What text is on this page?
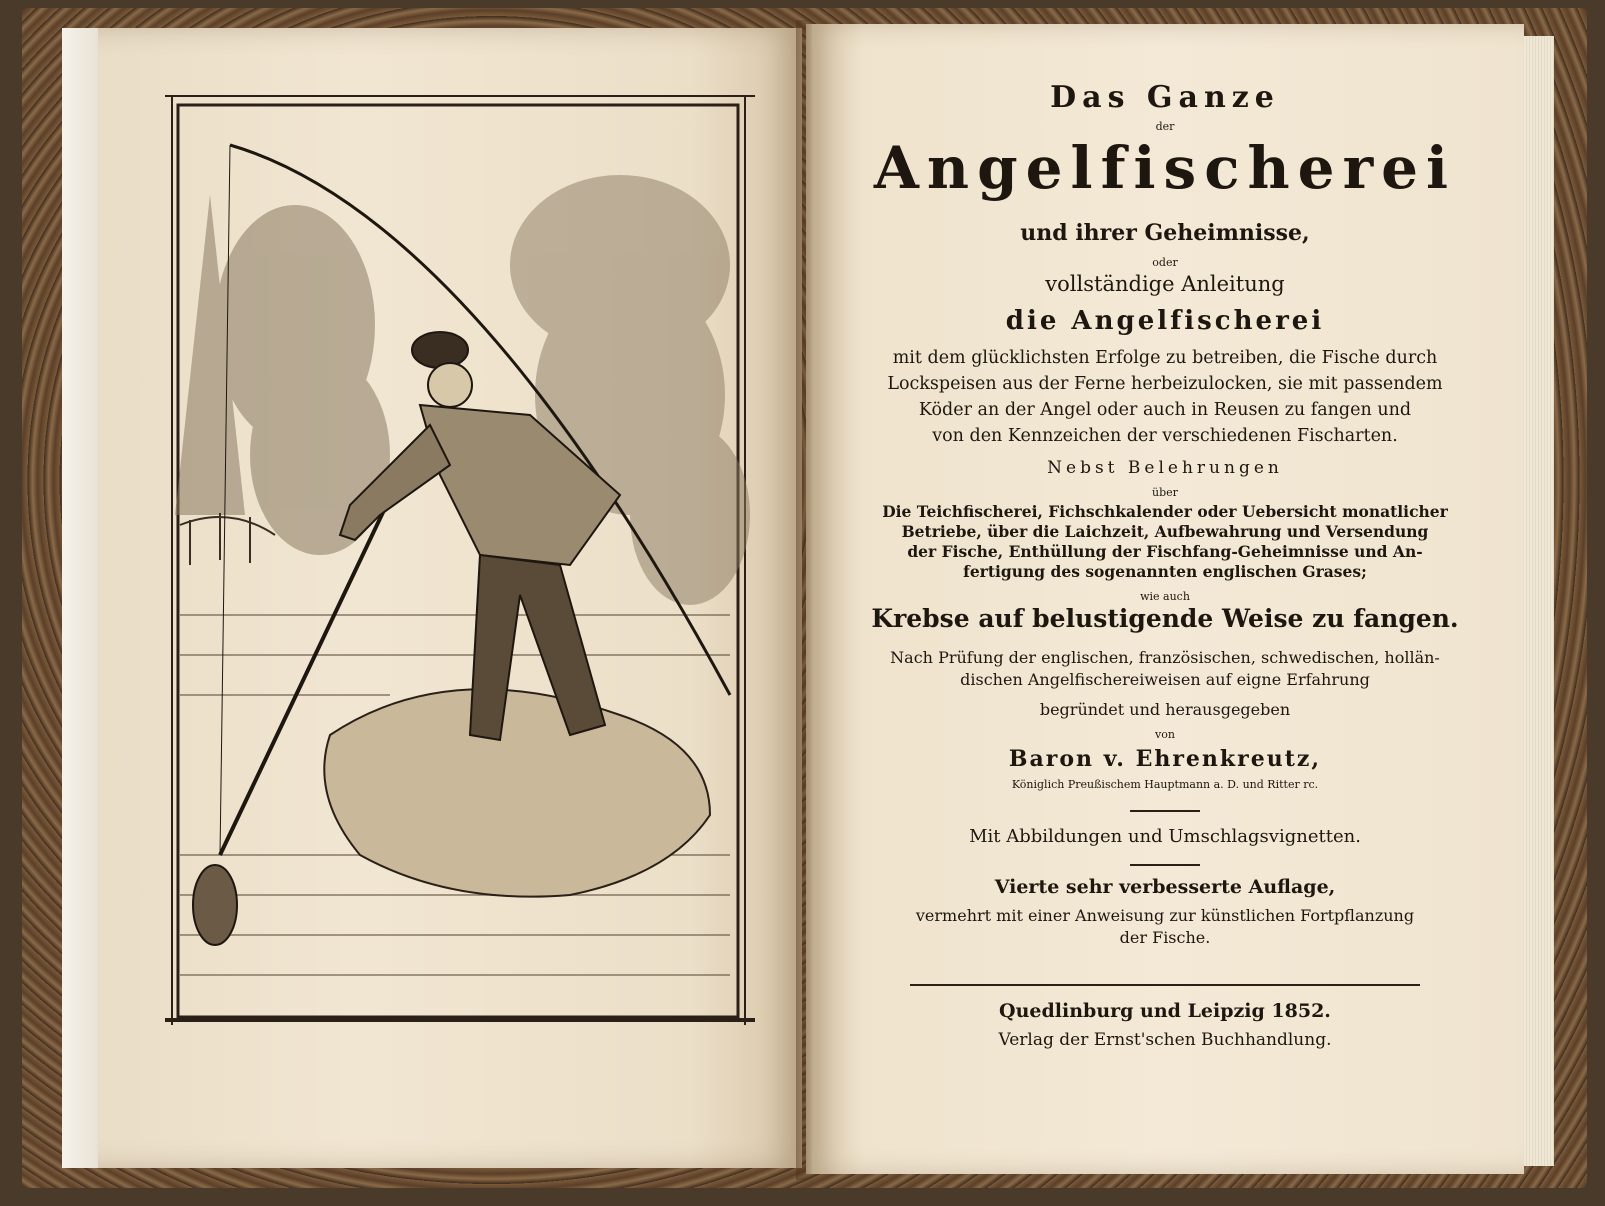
Das Ganze

der

Angelfischerei

und ihrer Geheimnisse,

oder

vollständige Anleitung

die Angelfischerei

mit dem glücklichsten Erfolge zu betreiben, die Fische durch

Lockspeisen aus der Ferne herbeizulocken, sie mit passendem

Köder an der Angel oder auch in Reusen zu fangen und

von den Kennzeichen der verschiedenen Fischarten.

Nebst Belehrungen

über

Die Teichfischerei, Fichschkalender oder Uebersicht monatlicher

Betriebe, über die Laichzeit, Aufbewahrung und Versendung

der Fische, Enthüllung der Fischfang-Geheimnisse und An-

fertigung des sogenannten englischen Grases;

wie auch

Krebse auf belustigende Weise zu fangen.

Nach Prüfung der englischen, französischen, schwedischen, hollän-

dischen Angelfischereiweisen auf eigne Erfahrung

begründet und herausgegeben

von

Baron v. Ehrenkreutz,

Königlich Preußischem Hauptmann a. D. und Ritter rc.

Mit Abbildungen und Umschlagsvignetten.

Vierte sehr verbesserte Auflage,

vermehrt mit einer Anweisung zur künstlichen Fortpflanzung

der Fische.

Quedlinburg und Leipzig 1852.

Verlag der Ernst'schen Buchhandlung.
